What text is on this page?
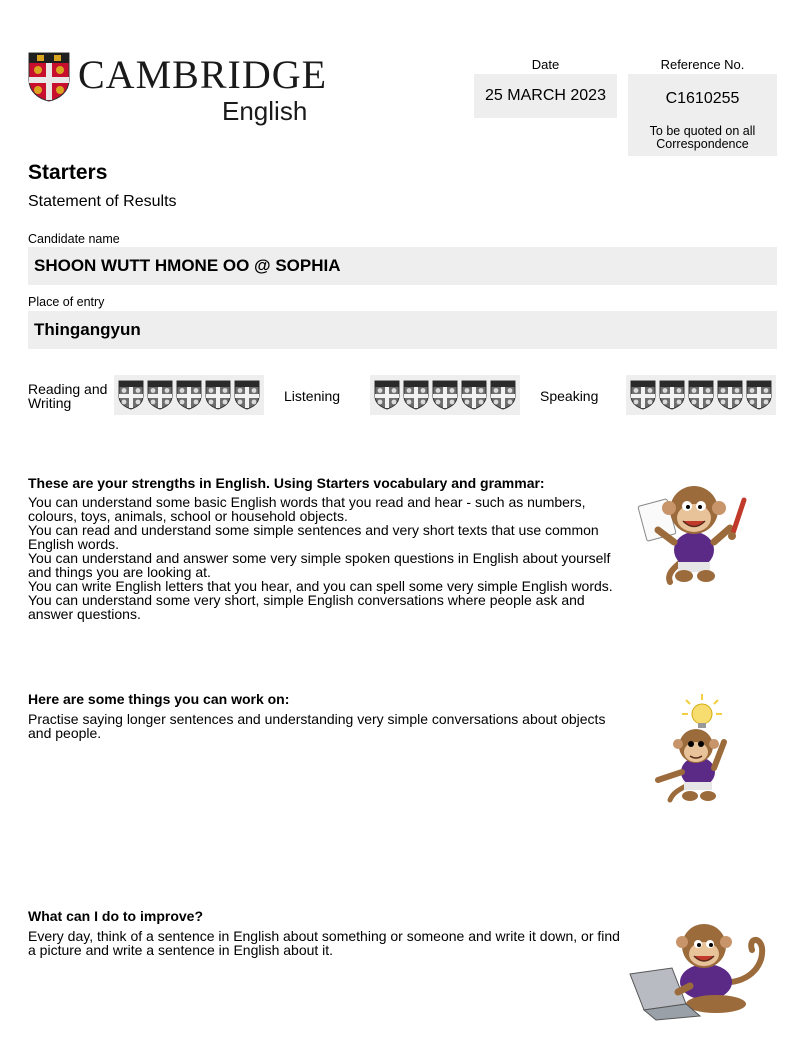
CAMBRIDGE
English
Date
25 MARCH 2023
Reference No.
C1610255
To be quoted on all
Correspondence
Starters
Statement of Results
Candidate name
SHOON WUTT HMONE OO @ SOPHIA
Place of entry
Thingangyun
Reading and
Writing	Listening	Speaking
These are your strengths in English. Using Starters vocabulary and grammar:
You can understand some basic English words that you read and hear - such as numbers,
colours, toys, animals, school or household objects.
You can read and understand some simple sentences and very short texts that use common
English words.
You can understand and answer some very simple spoken questions in English about yourself
and things you are looking at.
You can write English letters that you hear, and you can spell some very simple English words.
You can understand some very short, simple English conversations where people ask and
answer questions.
Here are some things you can work on:
Practise saying longer sentences and understanding very simple conversations about objects
and people.
What can I do to improve?
Every day, think of a sentence in English about something or someone and write it down, or find
a picture and write a sentence in English about it.
